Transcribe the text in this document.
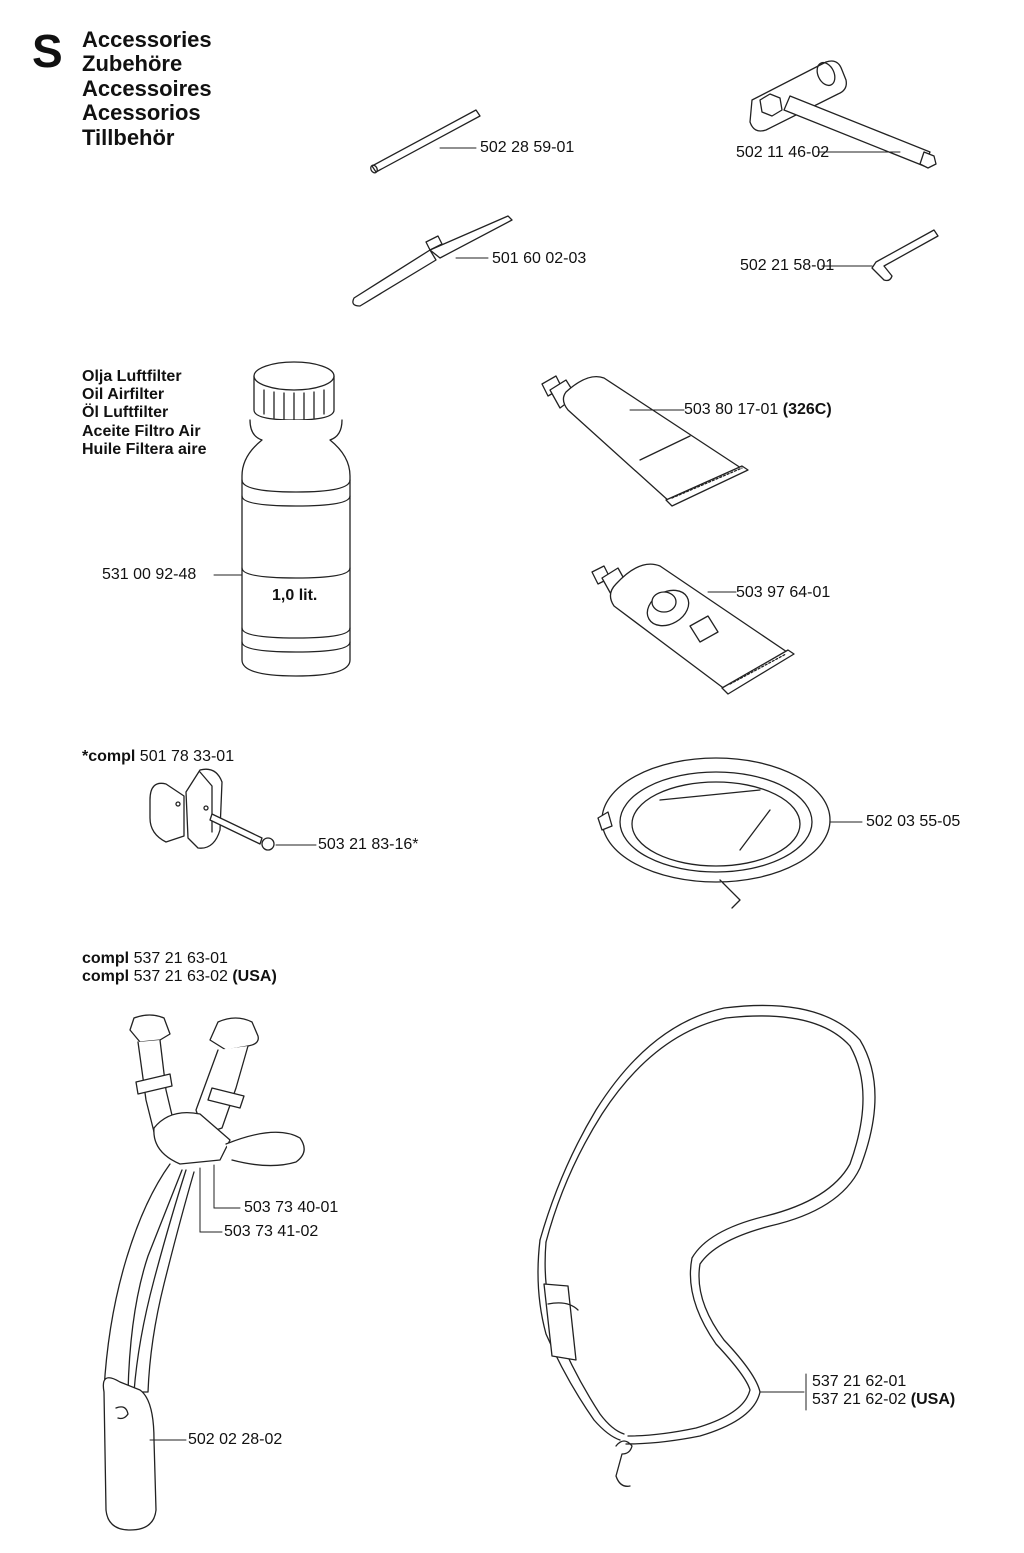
S Accessories
Zubehöre
Accessoires
Acessorios
Tillbehör	502 28 59-01	502 11 46-02
501 60 02-03	502 21 58-01
Olja Luftfilter
Oil Airfilter
Öl Luftfilter
Aceite Filtro Air
Huile Filtera aire
503 80 17-01 (326C)
531 00 92-48
1,0 lit.	503 97 64-01
*compl 501 78 33-01
503 21 83-16*
502 03 55-05
compl 537 21 63-01
compl 537 21 63-02 (USA)
503 73 40-01
503 73 41-02
502 02 28-02
537 21 62-01
537 21 62-02 (USA)
